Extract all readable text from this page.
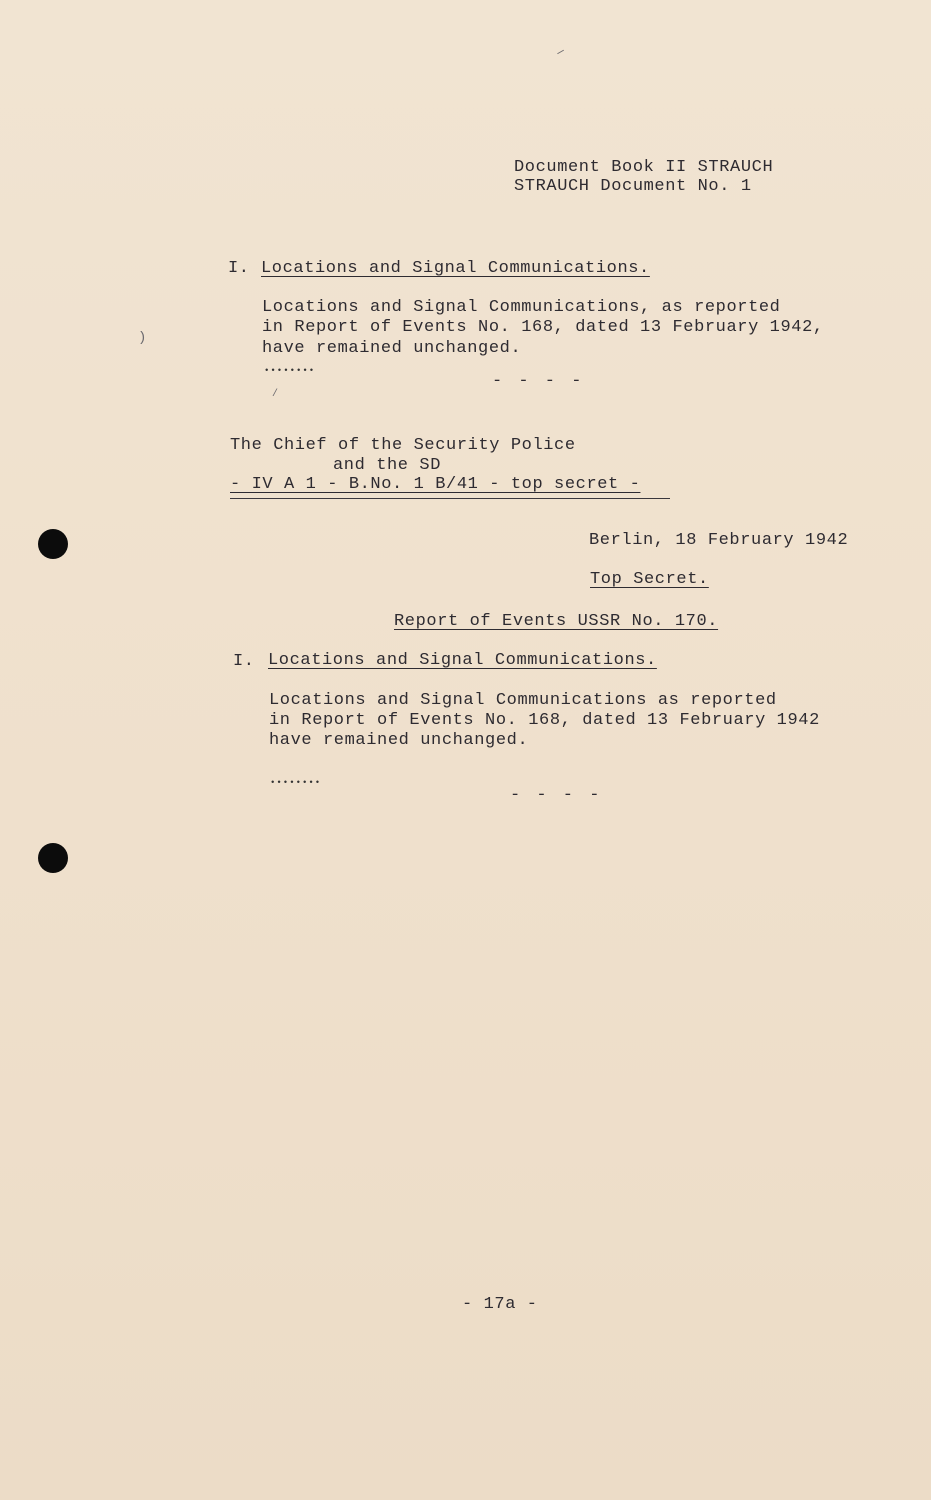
Document Book II STRAUCH
STRAUCH Document No. 1
I. Locations and Signal Communications.
Locations and Signal Communications, as reported
in Report of Events No. 168, dated 13 February 1942,
have remained unchanged.
••••••••
- - - -
The Chief of the Security Police
and the SD
- IV A 1 - B.No. 1 B/41 - top secret -
Berlin, 18 February 1942
Top Secret.
Report of Events USSR No. 170.
I. Locations and Signal Communications.
Locations and Signal Communications as reported
in Report of Events No. 168, dated 13 February 1942
have remained unchanged.
••••••••
- - - -
- 17a -
)
/
—
